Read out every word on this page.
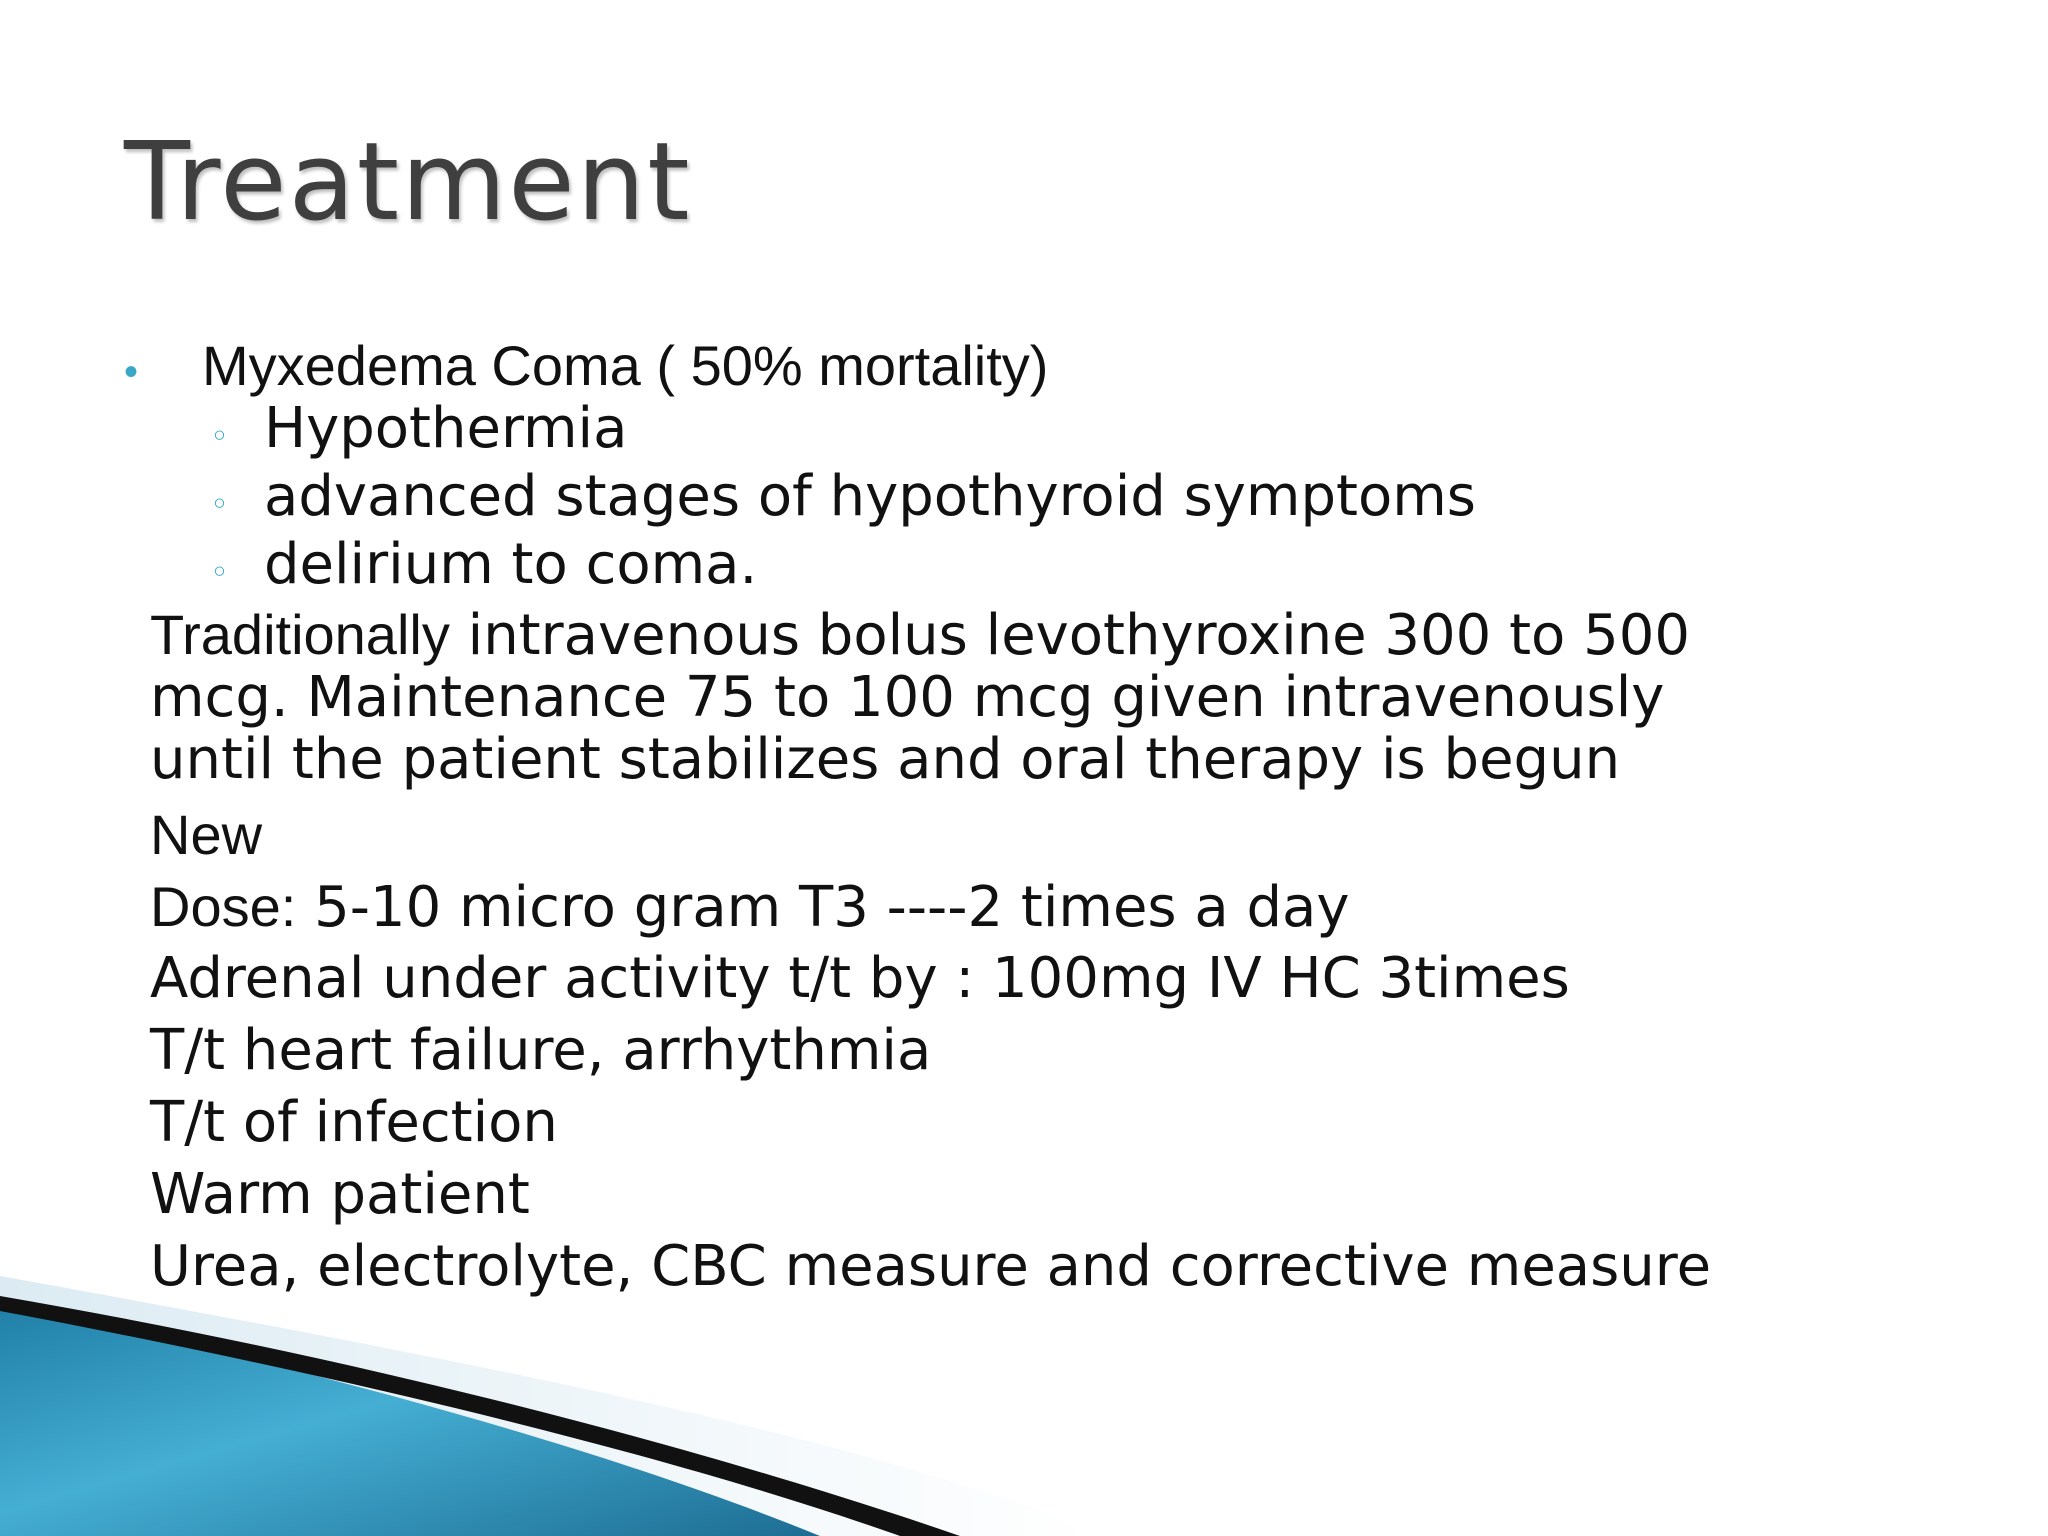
Treatment
•	Myxedema Coma ( 50% mortality)
◦ Hypothermia
◦ advanced stages of hypothyroid symptoms
◦ delirium to coma.
Traditionally intravenous bolus levothyroxine 300 to 500
mcg. Maintenance 75 to 100 mcg given intravenously
until the patient stabilizes and oral therapy is begun

New

Dose: 5-10 micro gram T3 ----2 times a day

Adrenal under activity t/t by : 100mg IV HC 3times

T/t heart failure, arrhythmia

T/t of infection

Warm patient

Urea, electrolyte, CBC measure and corrective measure
